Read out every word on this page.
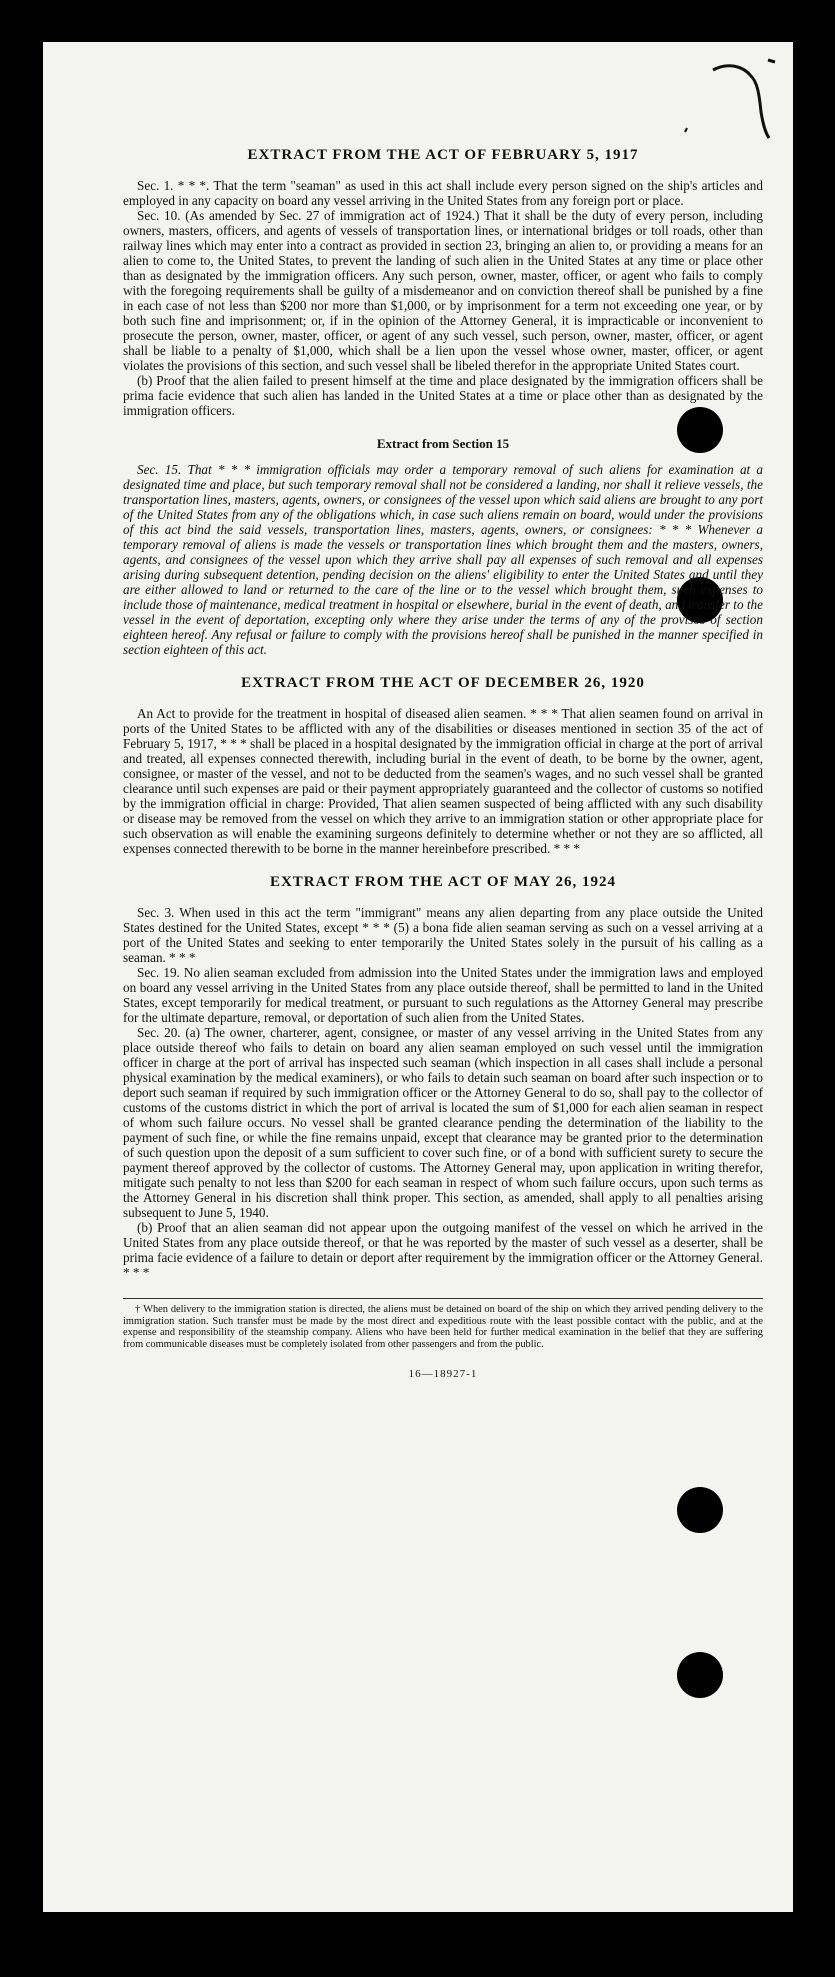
EXTRACT FROM THE ACT OF FEBRUARY 5, 1917

Sec. 1. * * *. That the term "seaman" as used in this act shall include every person signed on the ship's articles and employed in any capacity on board any vessel arriving in the United States from any foreign port or place.

Sec. 10. (As amended by Sec. 27 of immigration act of 1924.) That it shall be the duty of every person, including owners, masters, officers, and agents of vessels of transportation lines, or international bridges or toll roads, other than railway lines which may enter into a contract as provided in section 23, bringing an alien to, or providing a means for an alien to come to, the United States, to prevent the landing of such alien in the United States at any time or place other than as designated by the immigration officers. Any such person, owner, master, officer, or agent who fails to comply with the foregoing requirements shall be guilty of a misdemeanor and on conviction thereof shall be punished by a fine in each case of not less than $200 nor more than $1,000, or by imprisonment for a term not exceeding one year, or by both such fine and imprisonment; or, if in the opinion of the Attorney General, it is impracticable or inconvenient to prosecute the person, owner, master, officer, or agent of any such vessel, such person, owner, master, officer, or agent shall be liable to a penalty of $1,000, which shall be a lien upon the vessel whose owner, master, officer, or agent violates the provisions of this section, and such vessel shall be libeled therefor in the appropriate United States court.

(b) Proof that the alien failed to present himself at the time and place designated by the immigration officers shall be prima facie evidence that such alien has landed in the United States at a time or place other than as designated by the immigration officers.

Extract from Section 15

Sec. 15. That * * * immigration officials may order a temporary removal of such aliens for examination at a designated time and place, but such temporary removal shall not be considered a landing, nor shall it relieve vessels, the transportation lines, masters, agents, owners, or consignees of the vessel upon which said aliens are brought to any port of the United States from any of the obligations which, in case such aliens remain on board, would under the provisions of this act bind the said vessels, transportation lines, masters, agents, owners, or consignees: * * * Whenever a temporary removal of aliens is made the vessels or transportation lines which brought them and the masters, owners, agents, and consignees of the vessel upon which they arrive shall pay all expenses of such removal and all expenses arising during subsequent detention, pending decision on the aliens' eligibility to enter the United States and until they are either allowed to land or returned to the care of the line or to the vessel which brought them, such expenses to include those of maintenance, medical treatment in hospital or elsewhere, burial in the event of death, and transfer to the vessel in the event of deportation, excepting only where they arise under the terms of any of the provisos of section eighteen hereof. Any refusal or failure to comply with the provisions hereof shall be punished in the manner specified in section eighteen of this act.

EXTRACT FROM THE ACT OF DECEMBER 26, 1920

An Act to provide for the treatment in hospital of diseased alien seamen. * * * That alien seamen found on arrival in ports of the United States to be afflicted with any of the disabilities or diseases mentioned in section 35 of the act of February 5, 1917, * * * shall be placed in a hospital designated by the immigration official in charge at the port of arrival and treated, all expenses connected therewith, including burial in the event of death, to be borne by the owner, agent, consignee, or master of the vessel, and not to be deducted from the seamen's wages, and no such vessel shall be granted clearance until such expenses are paid or their payment appropriately guaranteed and the collector of customs so notified by the immigration official in charge: Provided, That alien seamen suspected of being afflicted with any such disability or disease may be removed from the vessel on which they arrive to an immigration station or other appropriate place for such observation as will enable the examining surgeons definitely to determine whether or not they are so afflicted, all expenses connected therewith to be borne in the manner hereinbefore prescribed. * * *

EXTRACT FROM THE ACT OF MAY 26, 1924

Sec. 3. When used in this act the term "immigrant" means any alien departing from any place outside the United States destined for the United States, except * * * (5) a bona fide alien seaman serving as such on a vessel arriving at a port of the United States and seeking to enter temporarily the United States solely in the pursuit of his calling as a seaman. * * *

Sec. 19. No alien seaman excluded from admission into the United States under the immigration laws and employed on board any vessel arriving in the United States from any place outside thereof, shall be permitted to land in the United States, except temporarily for medical treatment, or pursuant to such regulations as the Attorney General may prescribe for the ultimate departure, removal, or deportation of such alien from the United States.

Sec. 20. (a) The owner, charterer, agent, consignee, or master of any vessel arriving in the United States from any place outside thereof who fails to detain on board any alien seaman employed on such vessel until the immigration officer in charge at the port of arrival has inspected such seaman (which inspection in all cases shall include a personal physical examination by the medical examiners), or who fails to detain such seaman on board after such inspection or to deport such seaman if required by such immigration officer or the Attorney General to do so, shall pay to the collector of customs of the customs district in which the port of arrival is located the sum of $1,000 for each alien seaman in respect of whom such failure occurs. No vessel shall be granted clearance pending the determination of the liability to the payment of such fine, or while the fine remains unpaid, except that clearance may be granted prior to the determination of such question upon the deposit of a sum sufficient to cover such fine, or of a bond with sufficient surety to secure the payment thereof approved by the collector of customs. The Attorney General may, upon application in writing therefor, mitigate such penalty to not less than $200 for each seaman in respect of whom such failure occurs, upon such terms as the Attorney General in his discretion shall think proper. This section, as amended, shall apply to all penalties arising subsequent to June 5, 1940.

(b) Proof that an alien seaman did not appear upon the outgoing manifest of the vessel on which he arrived in the United States from any place outside thereof, or that he was reported by the master of such vessel as a deserter, shall be prima facie evidence of a failure to detain or deport after requirement by the immigration officer or the Attorney General. * * *

† When delivery to the immigration station is directed, the aliens must be detained on board of the ship on which they arrived pending delivery to the immigration station. Such transfer must be made by the most direct and expeditious route with the least possible contact with the public, and at the expense and responsibility of the steamship company. Aliens who have been held for further medical examination in the belief that they are suffering from communicable diseases must be completely isolated from other passengers and from the public.

16—18927-1
